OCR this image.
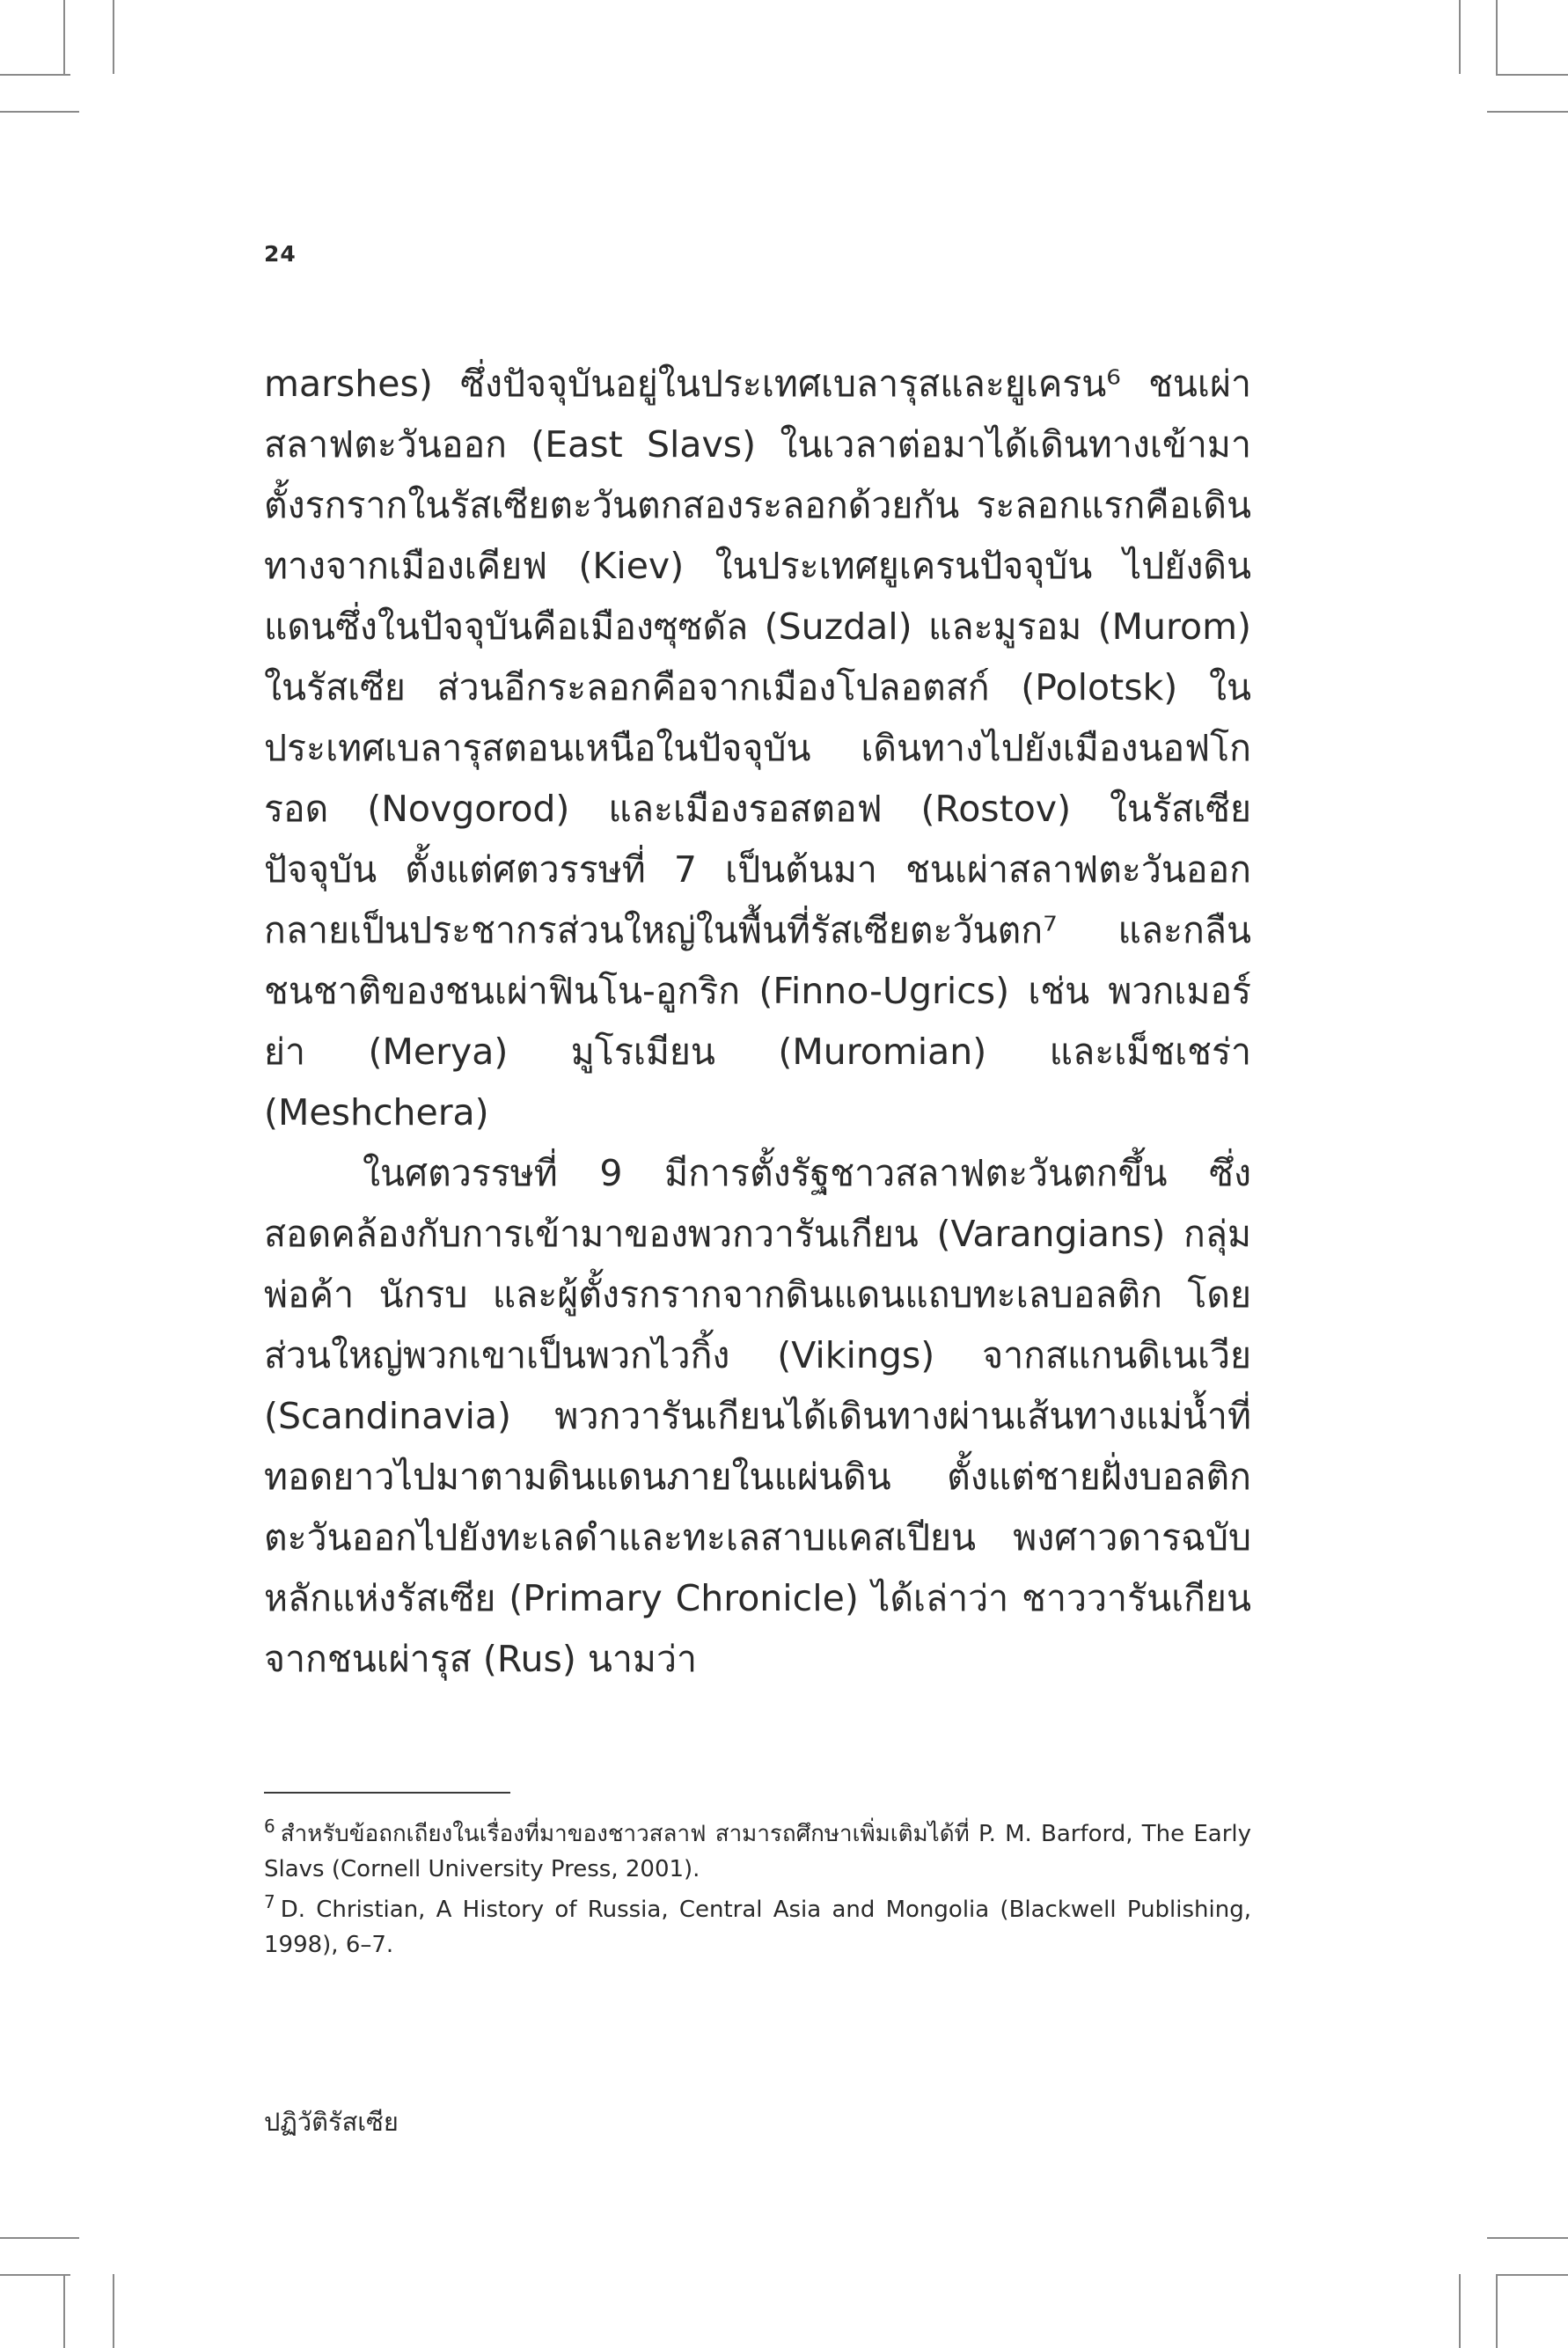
24

marshes) ซึ่งปัจจุบันอยู่ในประเทศเบลารุสและยูเครน⁶ ชนเผ่าสลาฟตะวันออก (East Slavs) ในเวลาต่อมาได้เดินทางเข้ามาตั้งรกรากในรัสเซียตะวันตกสองระลอกด้วยกัน ระลอกแรกคือเดินทางจากเมืองเคียฟ (Kiev) ในประเทศยูเครนปัจจุบัน ไปยังดินแดนซึ่งในปัจจุบันคือเมืองซุซดัล (Suzdal) และมูรอม (Murom) ในรัสเซีย ส่วนอีกระลอกคือจากเมืองโปลอตสก์ (Polotsk) ในประเทศเบลารุสตอนเหนือในปัจจุบัน เดินทางไปยังเมืองนอฟโกรอด (Novgorod) และเมืองรอสตอฟ (Rostov) ในรัสเซียปัจจุบัน ตั้งแต่ศตวรรษที่ 7 เป็นต้นมา ชนเผ่าสลาฟตะวันออกกลายเป็นประชากรส่วนใหญ่ในพื้นที่รัสเซียตะวันตก⁷ และกลืนชนชาติของชนเผ่าฟินโน-อูกริก (Finno-Ugrics) เช่น พวกเมอร์ย่า (Merya) มูโรเมียน (Muromian) และเม็ชเชร่า (Meshchera)

ในศตวรรษที่ 9 มีการตั้งรัฐชาวสลาฟตะวันตกขึ้น ซึ่งสอดคล้องกับการเข้ามาของพวกวารันเกียน (Varangians) กลุ่มพ่อค้า นักรบ และผู้ตั้งรกรากจากดินแดนแถบทะเลบอลติก โดยส่วนใหญ่พวกเขาเป็นพวกไวกิ้ง (Vikings) จากสแกนดิเนเวีย (Scandinavia) พวกวารันเกียนได้เดินทางผ่านเส้นทางแม่น้ำที่ทอดยาวไปมาตามดินแดนภายในแผ่นดิน ตั้งแต่ชายฝั่งบอลติกตะวันออกไปยังทะเลดำและทะเลสาบแคสเปียน พงศาวดารฉบับหลักแห่งรัสเซีย (Primary Chronicle) ได้เล่าว่า ชาววารันเกียนจากชนเผ่ารุส (Rus) นามว่า

$^6$ สำหรับข้อถกเถียงในเรื่องที่มาของชาวสลาฟ สามารถศึกษาเพิ่มเติมได้ที่ P. M. Barford, The Early Slavs (Cornell University Press, 2001).

$^7$ D. Christian, A History of Russia, Central Asia and Mongolia (Blackwell Publishing, 1998), 6–7.

ปฏิวัติรัสเซีย
